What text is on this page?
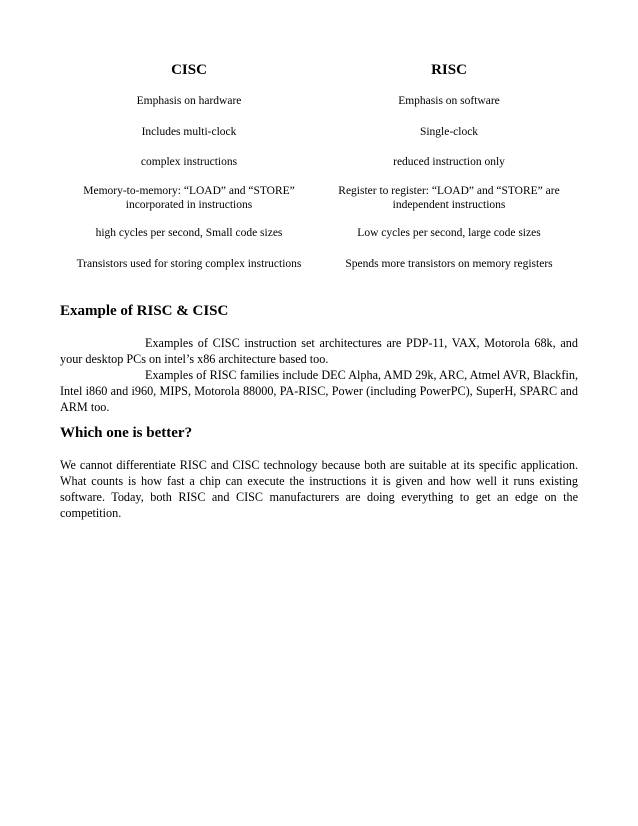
CISC	RISC
Emphasis on hardware	Emphasis on software
Includes multi-clock	Single-clock
complex instructions	reduced instruction only
Memory-to-memory: “LOAD” and “STORE” incorporated in instructions	Register to register: “LOAD” and “STORE” are independent instructions
high cycles per second, Small code sizes	Low cycles per second, large code sizes
Transistors used for storing complex instructions	Spends more transistors on memory registers
Example of RISC & CISC

Examples of CISC instruction set architectures are PDP-11, VAX, Motorola 68k, and your desktop PCs on intel’s x86 architecture based too.

Examples of RISC families include DEC Alpha, AMD 29k, ARC, Atmel AVR, Blackfin, Intel i860 and i960, MIPS, Motorola 88000, PA-RISC, Power (including PowerPC), SuperH, SPARC and ARM too.

Which one is better?

We cannot differentiate RISC and CISC technology because both are suitable at its specific application. What counts is how fast a chip can execute the instructions it is given and how well it runs existing software. Today, both RISC and CISC manufacturers are doing everything to get an edge on the competition.
